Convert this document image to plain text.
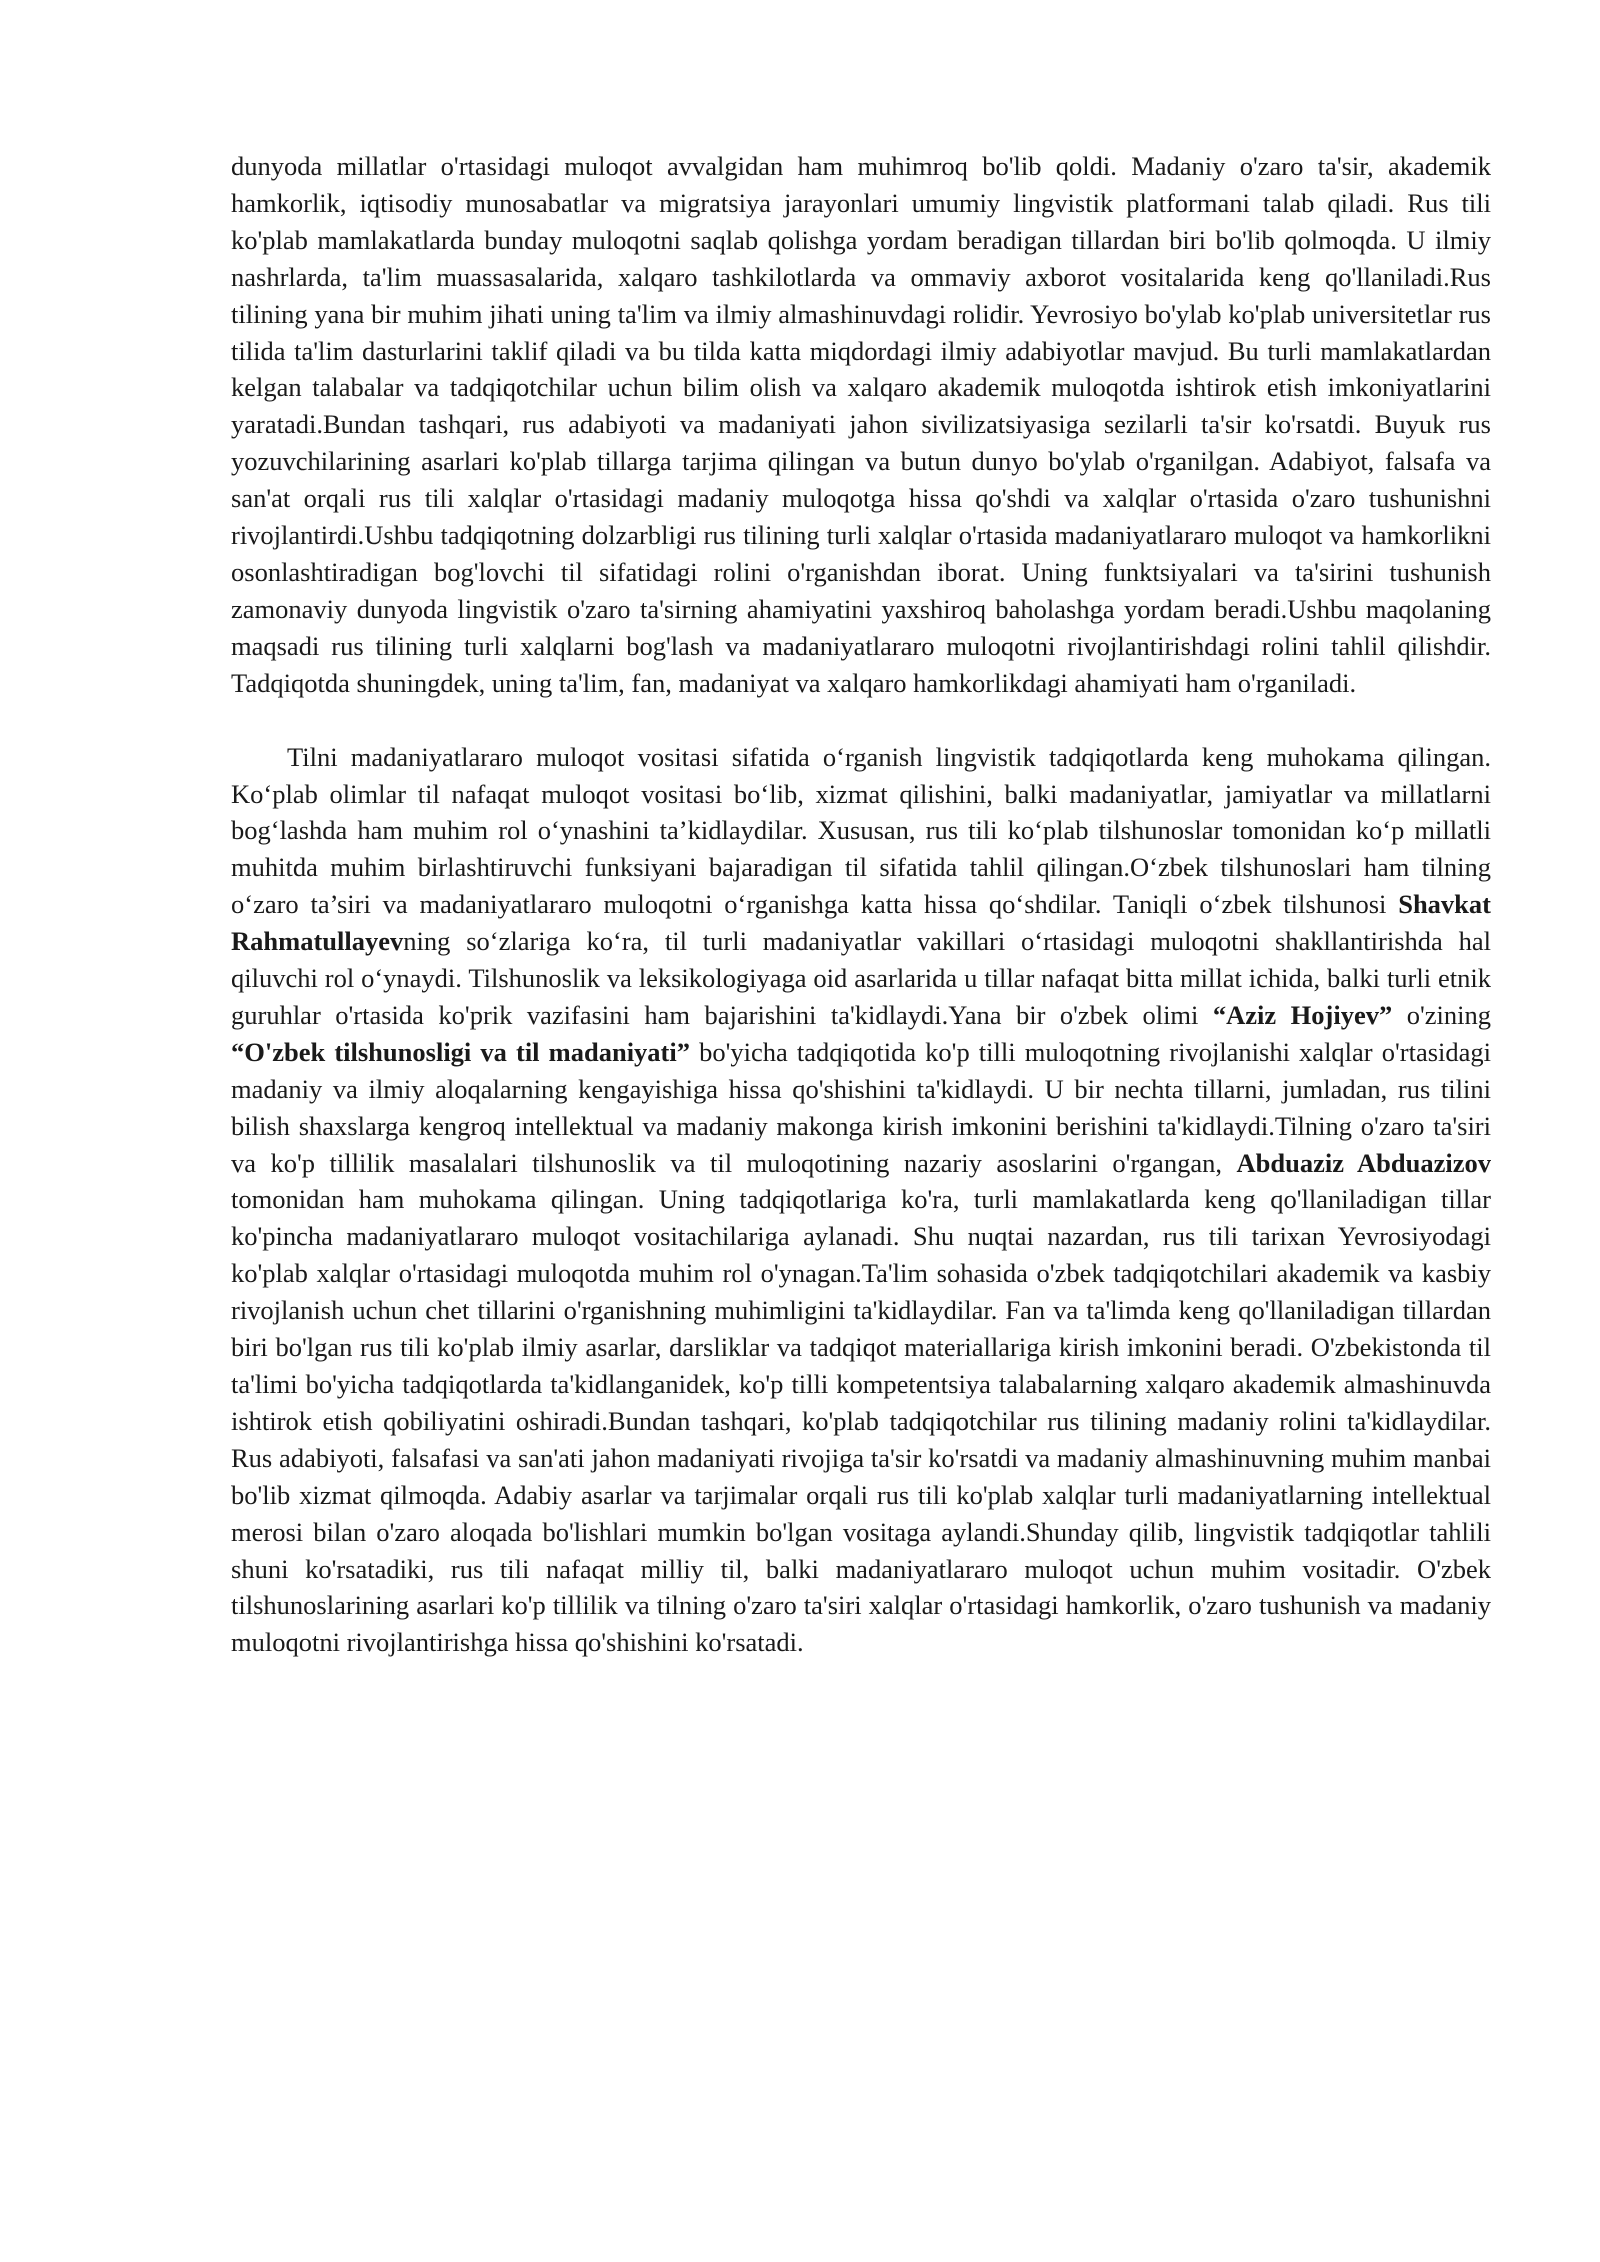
dunyoda millatlar o'rtasidagi muloqot avvalgidan ham muhimroq bo'lib qoldi. Madaniy o'zaro ta'sir, akademik hamkorlik, iqtisodiy munosabatlar va migratsiya jarayonlari umumiy lingvistik platformani talab qiladi. Rus tili ko'plab mamlakatlarda bunday muloqotni saqlab qolishga yordam beradigan tillardan biri bo'lib qolmoqda. U ilmiy nashrlarda, ta'lim muassasalarida, xalqaro tashkilotlarda va ommaviy axborot vositalarida keng qo'llaniladi.Rus tilining yana bir muhim jihati uning ta'lim va ilmiy almashinuvdagi rolidir. Yevrosiyo bo'ylab ko'plab universitetlar rus tilida ta'lim dasturlarini taklif qiladi va bu tilda katta miqdordagi ilmiy adabiyotlar mavjud. Bu turli mamlakatlardan kelgan talabalar va tadqiqotchilar uchun bilim olish va xalqaro akademik muloqotda ishtirok etish imkoniyatlarini yaratadi.Bundan tashqari, rus adabiyoti va madaniyati jahon sivilizatsiyasiga sezilarli ta'sir ko'rsatdi. Buyuk rus yozuvchilarining asarlari ko'plab tillarga tarjima qilingan va butun dunyo bo'ylab o'rganilgan. Adabiyot, falsafa va san'at orqali rus tili xalqlar o'rtasidagi madaniy muloqotga hissa qo'shdi va xalqlar o'rtasida o'zaro tushunishni rivojlantirdi.Ushbu tadqiqotning dolzarbligi rus tilining turli xalqlar o'rtasida madaniyatlararo muloqot va hamkorlikni osonlashtiradigan bog'lovchi til sifatidagi rolini o'rganishdan iborat. Uning funktsiyalari va ta'sirini tushunish zamonaviy dunyoda lingvistik o'zaro ta'sirning ahamiyatini yaxshiroq baholashga yordam beradi.Ushbu maqolaning maqsadi rus tilining turli xalqlarni bog'lash va madaniyatlararo muloqotni rivojlantirishdagi rolini tahlil qilishdir. Tadqiqotda shuningdek, uning ta'lim, fan, madaniyat va xalqaro hamkorlikdagi ahamiyati ham o'rganiladi.

Tilni madaniyatlararo muloqot vositasi sifatida o‘rganish lingvistik tadqiqotlarda keng muhokama qilingan. Ko‘plab olimlar til nafaqat muloqot vositasi bo‘lib, xizmat qilishini, balki madaniyatlar, jamiyatlar va millatlarni bog‘lashda ham muhim rol o‘ynashini ta’kidlaydilar. Xususan, rus tili ko‘plab tilshunoslar tomonidan ko‘p millatli muhitda muhim birlashtiruvchi funksiyani bajaradigan til sifatida tahlil qilingan.O‘zbek tilshunoslari ham tilning o‘zaro ta’siri va madaniyatlararo muloqotni o‘rganishga katta hissa qo‘shdilar. Taniqli o‘zbek tilshunosi Shavkat Rahmatullayevning so‘zlariga ko‘ra, til turli madaniyatlar vakillari o‘rtasidagi muloqotni shakllantirishda hal qiluvchi rol o‘ynaydi. Tilshunoslik va leksikologiyaga oid asarlarida u tillar nafaqat bitta millat ichida, balki turli etnik guruhlar o'rtasida ko'prik vazifasini ham bajarishini ta'kidlaydi.Yana bir o'zbek olimi “Aziz Hojiyev” o'zining “O'zbek tilshunosligi va til madaniyati” bo'yicha tadqiqotida ko'p tilli muloqotning rivojlanishi xalqlar o'rtasidagi madaniy va ilmiy aloqalarning kengayishiga hissa qo'shishini ta'kidlaydi. U bir nechta tillarni, jumladan, rus tilini bilish shaxslarga kengroq intellektual va madaniy makonga kirish imkonini berishini ta'kidlaydi.Tilning o'zaro ta'siri va ko'p tillilik masalalari tilshunoslik va til muloqotining nazariy asoslarini o'rgangan, Abduaziz Abduazizov tomonidan ham muhokama qilingan. Uning tadqiqotlariga ko'ra, turli mamlakatlarda keng qo'llaniladigan tillar ko'pincha madaniyatlararo muloqot vositachilariga aylanadi. Shu nuqtai nazardan, rus tili tarixan Yevrosiyodagi ko'plab xalqlar o'rtasidagi muloqotda muhim rol o'ynagan.Ta'lim sohasida o'zbek tadqiqotchilari akademik va kasbiy rivojlanish uchun chet tillarini o'rganishning muhimligini ta'kidlaydilar. Fan va ta'limda keng qo'llaniladigan tillardan biri bo'lgan rus tili ko'plab ilmiy asarlar, darsliklar va tadqiqot materiallariga kirish imkonini beradi. O'zbekistonda til ta'limi bo'yicha tadqiqotlarda ta'kidlanganidek, ko'p tilli kompetentsiya talabalarning xalqaro akademik almashinuvda ishtirok etish qobiliyatini oshiradi.Bundan tashqari, ko'plab tadqiqotchilar rus tilining madaniy rolini ta'kidlaydilar. Rus adabiyoti, falsafasi va san'ati jahon madaniyati rivojiga ta'sir ko'rsatdi va madaniy almashinuvning muhim manbai bo'lib xizmat qilmoqda. Adabiy asarlar va tarjimalar orqali rus tili ko'plab xalqlar turli madaniyatlarning intellektual merosi bilan o'zaro aloqada bo'lishlari mumkin bo'lgan vositaga aylandi.Shunday qilib, lingvistik tadqiqotlar tahlili shuni ko'rsatadiki, rus tili nafaqat milliy til, balki madaniyatlararo muloqot uchun muhim vositadir. O'zbek tilshunoslarining asarlari ko'p tillilik va tilning o'zaro ta'siri xalqlar o'rtasidagi hamkorlik, o'zaro tushunish va madaniy muloqotni rivojlantirishga hissa qo'shishini ko'rsatadi.
